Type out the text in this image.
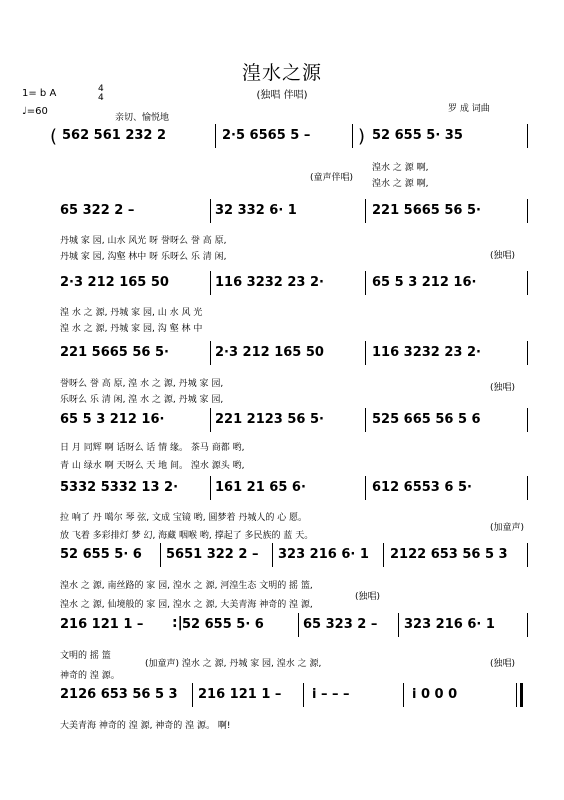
湟水之源
(独唱 伴唱)
罗 成 词曲
1= b A	4
4
♩=60
亲切、愉悦地
( 562 561 232 2	2·5 6565 5 –	) 52 655 5· 35
(童声伴唱)
湟水 之 源 啊,
湟水 之 源 啊,
65 322 2 –	32 332 6· 1	221 5665 56 5·
丹城 家 园, 山水 风光 呀 誉呀么 誉 高 原,
丹城 家 园, 沟壑 林中 呀 乐呀么 乐 清 闲,	(独唱)
2·3 212 165 50	116 3232 23 2·	65 5 3 212 16·
湟 水 之 源, 丹城 家 园, 山 水 风 光
湟 水 之 源, 丹城 家 园, 沟 壑 林 中
221 5665 56 5·	2·3 212 165 50	116 3232 23 2·
誉呀么 誉 高 原, 湟 水 之 源, 丹城 家 园,
乐呀么 乐 清 闲, 湟 水 之 源, 丹城 家 园,
(独唱)
65 5 3 212 16·	221 2123 56 5·	525 665 56 5 6
日 月 同辉 啊 话呀么 话 情 缘。 茶马 商都 哟,
青 山 绿水 啊 天呀么 天 地 间。 湟水 源头 哟,
5332 5332 13 2·	161 21 65 6·	612 6553 6 5·
拉 响了 丹 噶尔 琴 弦, 文成 宝镜 哟, 圆梦着 丹城人的 心 愿。
放 飞着 多彩排灯 梦 幻, 海藏 咽喉 哟, 撑起了 多民族的 蓝 天。
(加童声)
52 655 5· 6 5651 322 2 – 323 216 6· 1 2122 653 56 5 3
湟水 之 源, 南丝路的 家 园, 湟水 之 源, 河湟生态 文明的 摇 篮,
湟水 之 源, 仙境般的 家 园, 湟水 之 源, 大美青海 神奇的 湟 源,
(独唱)
216 121 1 – :| 52 655 5· 6	65 323 2 – 323 216 6· 1
文明的 摇 篮
神奇的 湟 源。
(加童声) 湟水 之 源, 丹城 家 园, 湟水 之 源,	(独唱)
2126 653 56 5 3 216 121 1 – i – – –	i 0 0 0
大美青海 神奇的 湟 源, 神奇的 湟 源。 啊!
